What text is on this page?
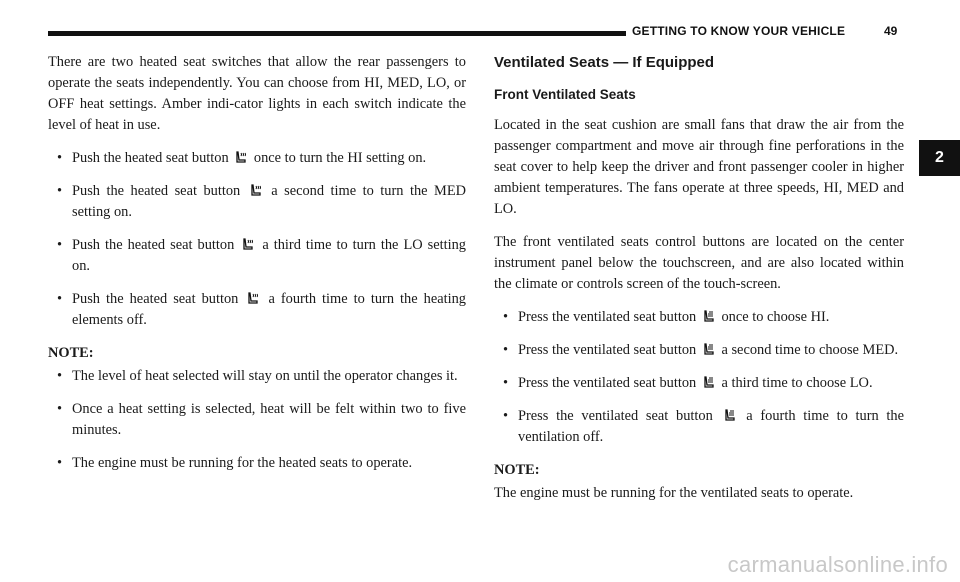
GETTING TO KNOW YOUR VEHICLE	49
2

There are two heated seat switches that allow the rear passengers to operate the seats independently. You can choose from HI, MED, LO, or OFF heat settings. Amber indi-cator lights in each switch indicate the level of heat in use.

• Push the heated seat button once to turn the HI setting on.
• Push the heated seat button a second time to turn the MED setting on.
• Push the heated seat button a third time to turn the LO setting on.
• Push the heated seat button a fourth time to turn the heating elements off.

NOTE:

• The level of heat selected will stay on until the operator changes it.
• Once a heat setting is selected, heat will be felt within two to five minutes.
• The engine must be running for the heated seats to operate.
Ventilated Seats — If Equipped
Front Ventilated Seats

Located in the seat cushion are small fans that draw the air from the passenger compartment and move air through fine perforations in the seat cover to help keep the driver and front passenger cooler in higher ambient temperatures. The fans operate at three speeds, HI, MED and LO.

The front ventilated seats control buttons are located on the center instrument panel below the touchscreen, and are also located within the climate or controls screen of the touch-screen.

• Press the ventilated seat button once to choose HI.
• Press the ventilated seat button a second time to choose MED.
• Press the ventilated seat button a third time to choose LO.
• Press the ventilated seat button a fourth time to turn the ventilation off.

NOTE:

The engine must be running for the ventilated seats to operate.

carmanualsonline.info
